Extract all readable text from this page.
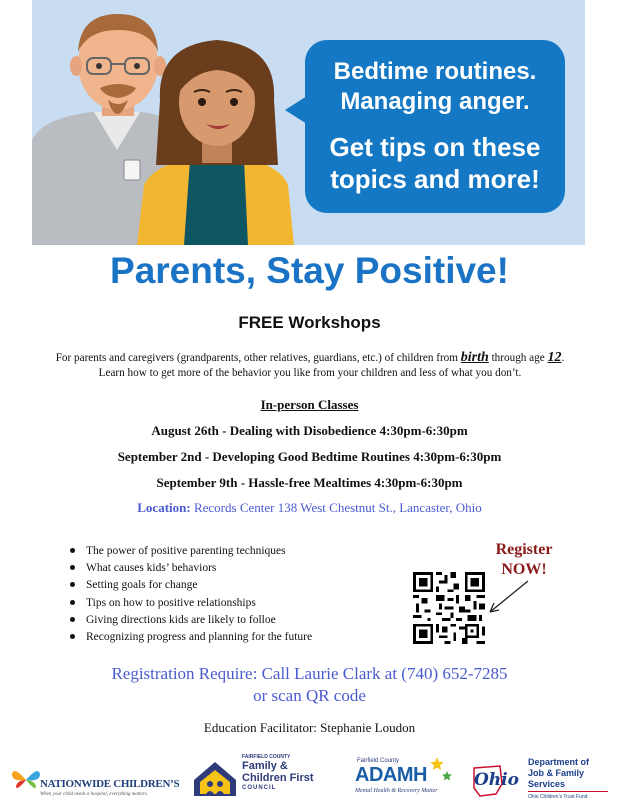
Bedtime routines.
Managing anger.
Get tips on these
topics and more!
Parents, Stay Positive!
FREE Workshops
For parents and caregivers (grandparents, other relatives, guardians, etc.) of children from birth through age 12.
Learn how to get more of the behavior you like from your children and less of what you don’t.
In-person Classes
August 26th - Dealing with Disobedience 4:30pm-6:30pm
September 2nd - Developing Good Bedtime Routines 4:30pm-6:30pm
September 9th - Hassle-free Mealtimes 4:30pm-6:30pm
Location: Records Center 138 West Chestnut St., Lancaster, Ohio
The power of positive parenting techniques
What causes kids’ behaviors
Setting goals for change
Tips on how to positive relationships
Giving directions kids are likely to folloe
Recognizing progress and planning for the future
Register
NOW!
Registration Require: Call Laurie Clark at (740) 652-7285
or scan QR code
Education Facilitator: Stephanie Loudon
NATIONWIDE CHILDREN’S
When your child needs a hospital, everything matters.
FAIRFIELD COUNTY
Family &
Children First
COUNCIL
Fairfield County
ADAMH
Mental Health & Recovery Matter
Ohio
Department of
Job & Family
Services
Ohio Children’s Trust Fund
